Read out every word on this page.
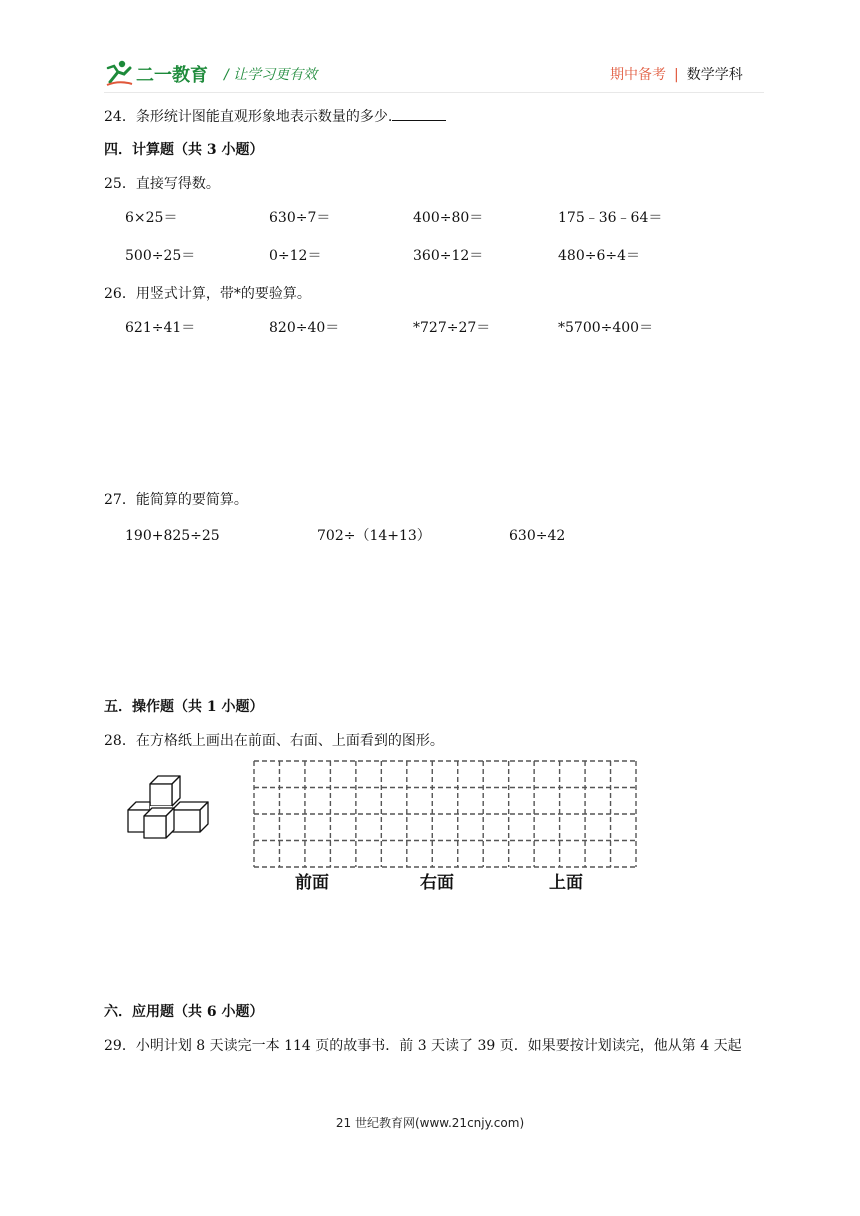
二一教育 / 让学习更有效	期中备考 | 数学学科
24．条形统计图能直观形象地表示数量的多少.
四．计算题（共 3 小题）
25．直接写得数。
6×25＝	630÷7＝	400÷80＝	175﹣36﹣64＝
500÷25＝	0÷12＝	360÷12＝	480÷6÷4＝
26．用竖式计算，带*的要验算。
621÷41＝	820÷40＝	*727÷27＝	*5700÷400＝
27．能简算的要简算。
190+825÷25	702÷（14+13）	630÷42
五．操作题（共 1 小题）
28．在方格纸上画出在前面、右面、上面看到的图形。
前面	右面	上面
六．应用题（共 6 小题）
29．小明计划 8 天读完一本 114 页的故事书．前 3 天读了 39 页．如果要按计划读完，他从第 4 天起
21 世纪教育网(www.21cnjy.com)
